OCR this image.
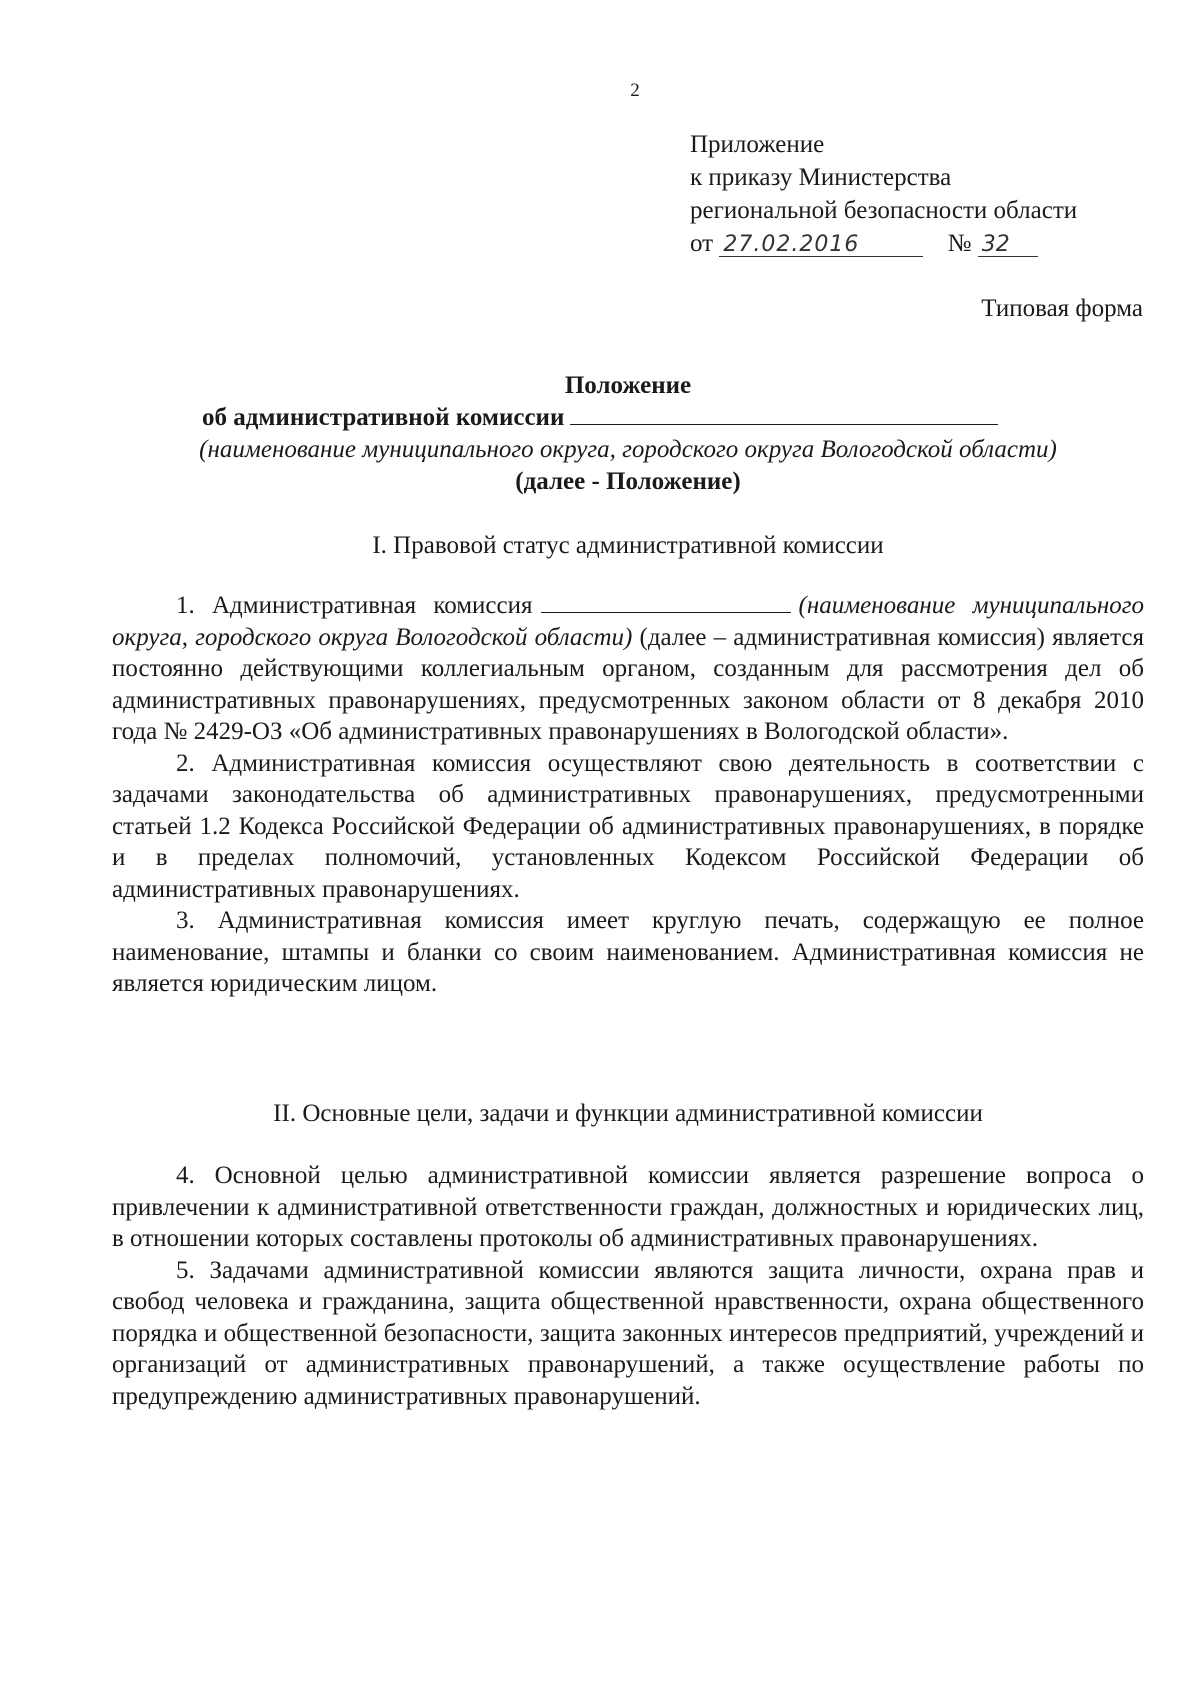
2
Приложение
к приказу Министерства
региональной безопасности области
от 27.02.2016	№ 32
Типовая форма
Положение
об административной комиссии
(наименование муниципального округа, городского округа Вологодской области)
(далее - Положение)
I. Правовой статус административной комиссии

1. Административная комиссия	(наименование муниципального округа, городского округа Вологодской области) (далее – административная комиссия) является постоянно действующими коллегиальным органом, созданным для рассмотрения дел об административных правонарушениях, предусмотренных законом области от 8 декабря 2010 года № 2429-ОЗ «Об административных правонарушениях в Вологодской области».

2. Административная комиссия осуществляют свою деятельность в соответствии с задачами законодательства об административных правонарушениях, предусмотренными статьей 1.2 Кодекса Российской Федерации об административных правонарушениях, в порядке и в пределах полномочий, установленных Кодексом Российской Федерации об административных правонарушениях.

3. Административная комиссия имеет круглую печать, содержащую ее полное наименование, штампы и бланки со своим наименованием. Административная комиссия не является юридическим лицом.

II. Основные цели, задачи и функции административной комиссии

4. Основной целью административной комиссии является разрешение вопроса о привлечении к административной ответственности граждан, должностных и юридических лиц, в отношении которых составлены протоколы об административных правонарушениях.

5. Задачами административной комиссии являются защита личности, охрана прав и свобод человека и гражданина, защита общественной нравственности, охрана общественного порядка и общественной безопасности, защита законных интересов предприятий, учреждений и организаций от административных правонарушений, а также осуществление работы по предупреждению административных правонарушений.
